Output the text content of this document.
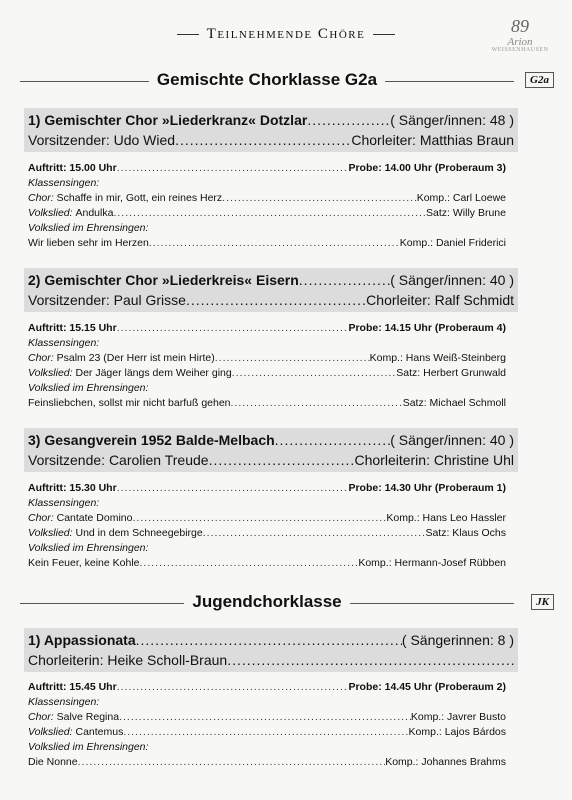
Teilnehmende Chöre	89
Arion
WEISSENHAUSEN
Gemischte Chorklasse G2a	G2a
1) Gemischter Chor »Liederkranz« Dotzlar .....	( Sänger/innen: 48 )
Vorsitzender: Udo Wied .....	Chorleiter: Matthias Braun
Auftritt: 15.00 Uhr .....	Probe: 14.00 Uhr (Proberaum 3)
Klassensingen:
Chor:
Schaffe in mir, Gott, ein reines Herz .....	Komp.: Carl Loewe
Volkslied:
Andulka .....	Satz: Willy Brune
Volkslied im Ehrensingen:
Wir lieben sehr im Herzen .....	Komp.: Daniel Friderici
2) Gemischter Chor »Liederkreis« Eisern .....	( Sänger/innen: 40 )
Vorsitzender: Paul Grisse .....	Chorleiter: Ralf Schmidt
Auftritt: 15.15 Uhr .....	Probe: 14.15 Uhr (Proberaum 4)
Klassensingen:
Chor:
Psalm 23 (Der Herr ist mein Hirte) .....	Komp.: Hans Weiß-Steinberg
Volkslied:
Der Jäger längs dem Weiher ging .....	Satz: Herbert Grunwald
Volkslied im Ehrensingen:
Feinsliebchen, sollst mir nicht barfuß gehen .....	Satz: Michael Schmoll
3) Gesangverein 1952 Balde-Melbach .....	( Sänger/innen: 40 )
Vorsitzende: Carolien Treude .....	Chorleiterin: Christine Uhl
Auftritt: 15.30 Uhr .....	Probe: 14.30 Uhr (Proberaum 1)
Klassensingen:
Chor:
Cantate Domino .....	Komp.: Hans Leo Hassler
Volkslied:
Und in dem Schneegebirge .....	Satz: Klaus Ochs
Volkslied im Ehrensingen:
Kein Feuer, keine Kohle .....	Komp.: Hermann-Josef Rübben
Jugendchorklasse	JK
1) Appassionata .....	( Sängerinnen: 8 )
Chorleiterin: Heike Scholl-Braun
.....
Auftritt: 15.45 Uhr .....	Probe: 14.45 Uhr (Proberaum 2)
Klassensingen:
Chor:
Salve Regina .....	Komp.: Javrer Busto
Volkslied:
Cantemus .....	Komp.: Lajos Bárdos
Volkslied im Ehrensingen:
Die Nonne .....	Komp.: Johannes Brahms
